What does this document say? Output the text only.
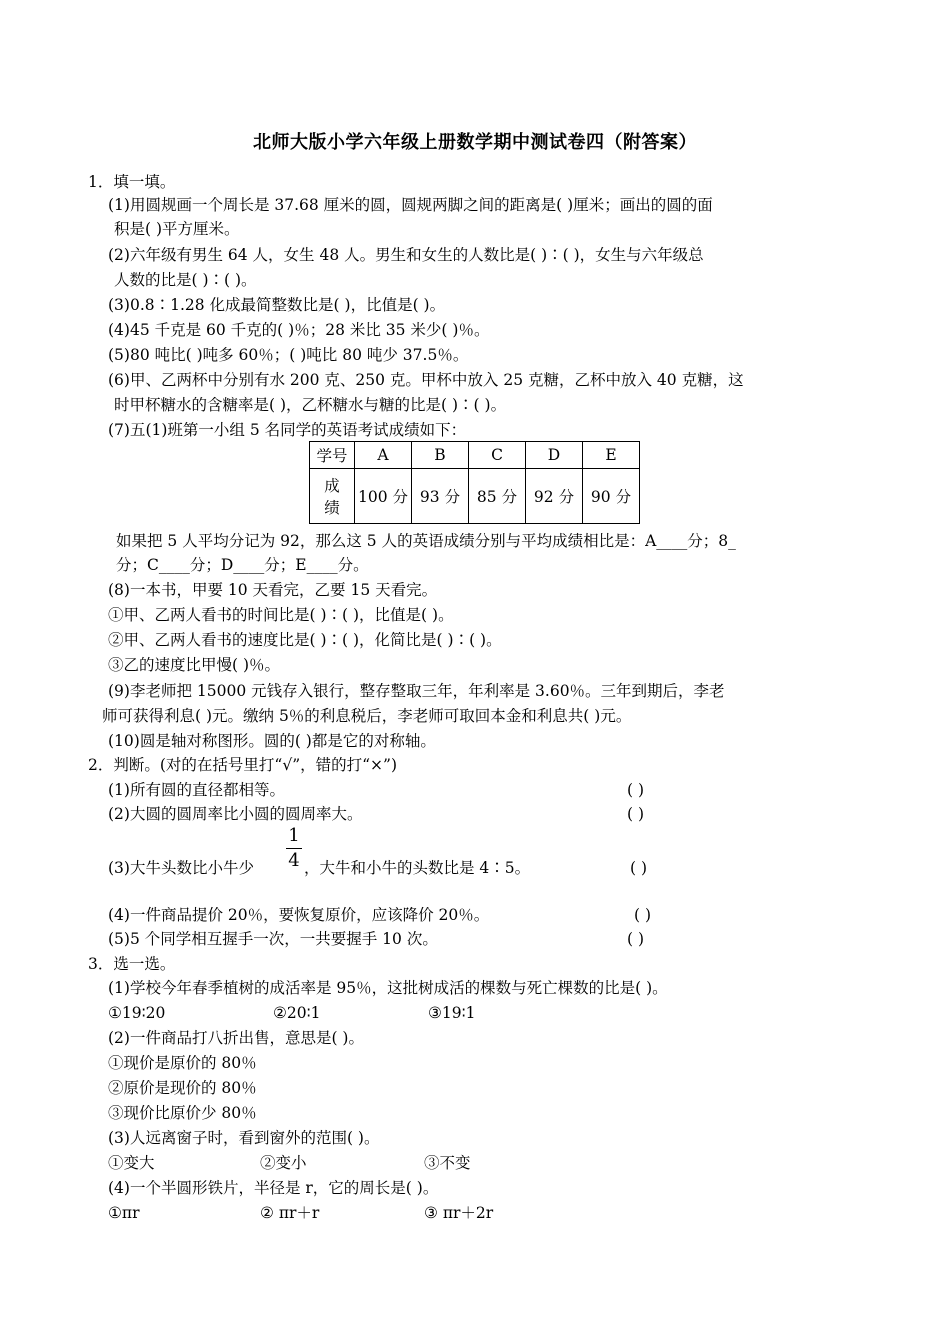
北师大版小学六年级上册数学期中测试卷四（附答案）
1．填一填。
(1)用圆规画一个周长是 37.68 厘米的圆，圆规两脚之间的距离是( )厘米；画出的圆的面
积是( )平方厘米。
(2)六年级有男生 64 人，女生 48 人。男生和女生的人数比是( )∶( )，女生与六年级总
人数的比是( )∶( )。
(3)0.8∶1.28 化成最简整数比是( )，比值是( )。
(4)45 千克是 60 千克的( )％；28 米比 35 米少( )％。
(5)80 吨比( )吨多 60％；( )吨比 80 吨少 37.5％。
(6)甲、乙两杯中分别有水 200 克、250 克。甲杯中放入 25 克糖，乙杯中放入 40 克糖，这
时甲杯糖水的含糖率是( )，乙杯糖水与糖的比是( )∶( )。
(7)五(1)班第一小组 5 名同学的英语考试成绩如下：
学号	A	B	C	D	E

成
绩	100 分	93 分	85 分	92 分	90 分
如果把 5 人平均分记为 92，那么这 5 人的英语成绩分别与平均成绩相比是：A____分；8_
分；C____分；D____分；E____分。
(8)一本书，甲要 10 天看完，乙要 15 天看完。
①甲、乙两人看书的时间比是( )∶( )，比值是( )。
②甲、乙两人看书的速度比是( )∶( )，化简比是( )∶( )。
③乙的速度比甲慢( )％。
(9)李老师把 15000 元钱存入银行，整存整取三年，年利率是 3.60％。三年到期后，李老
师可获得利息( )元。缴纳 5％的利息税后，李老师可取回本金和利息共( )元。
(10)圆是轴对称图形。圆的( )都是它的对称轴。
2．判断。(对的在括号里打“√”，错的打“×”)
(1)所有圆的直径都相等。	( )
(2)大圆的圆周率比小圆的圆周率大。	( )
(3)大牛头数比小牛少
1
4 ，大牛和小牛的头数比是 4∶5。	( )
(4)一件商品提价 20％，要恢复原价，应该降价 20％。	( )
(5)5 个同学相互握手一次，一共要握手 10 次。	( )
3．选一选。
(1)学校今年春季植树的成活率是 95％，这批树成活的棵数与死亡棵数的比是( )。
①19∶20	②20∶1	③19∶1
(2)一件商品打八折出售，意思是( )。
①现价是原价的 80％
②原价是现价的 80％
③现价比原价少 80％
(3)人远离窗子时，看到窗外的范围( )。
①变大	②变小	③不变
(4)一个半圆形铁片，半径是 r，它的周长是( )。
①πr	② πr＋r	③ πr＋2r
